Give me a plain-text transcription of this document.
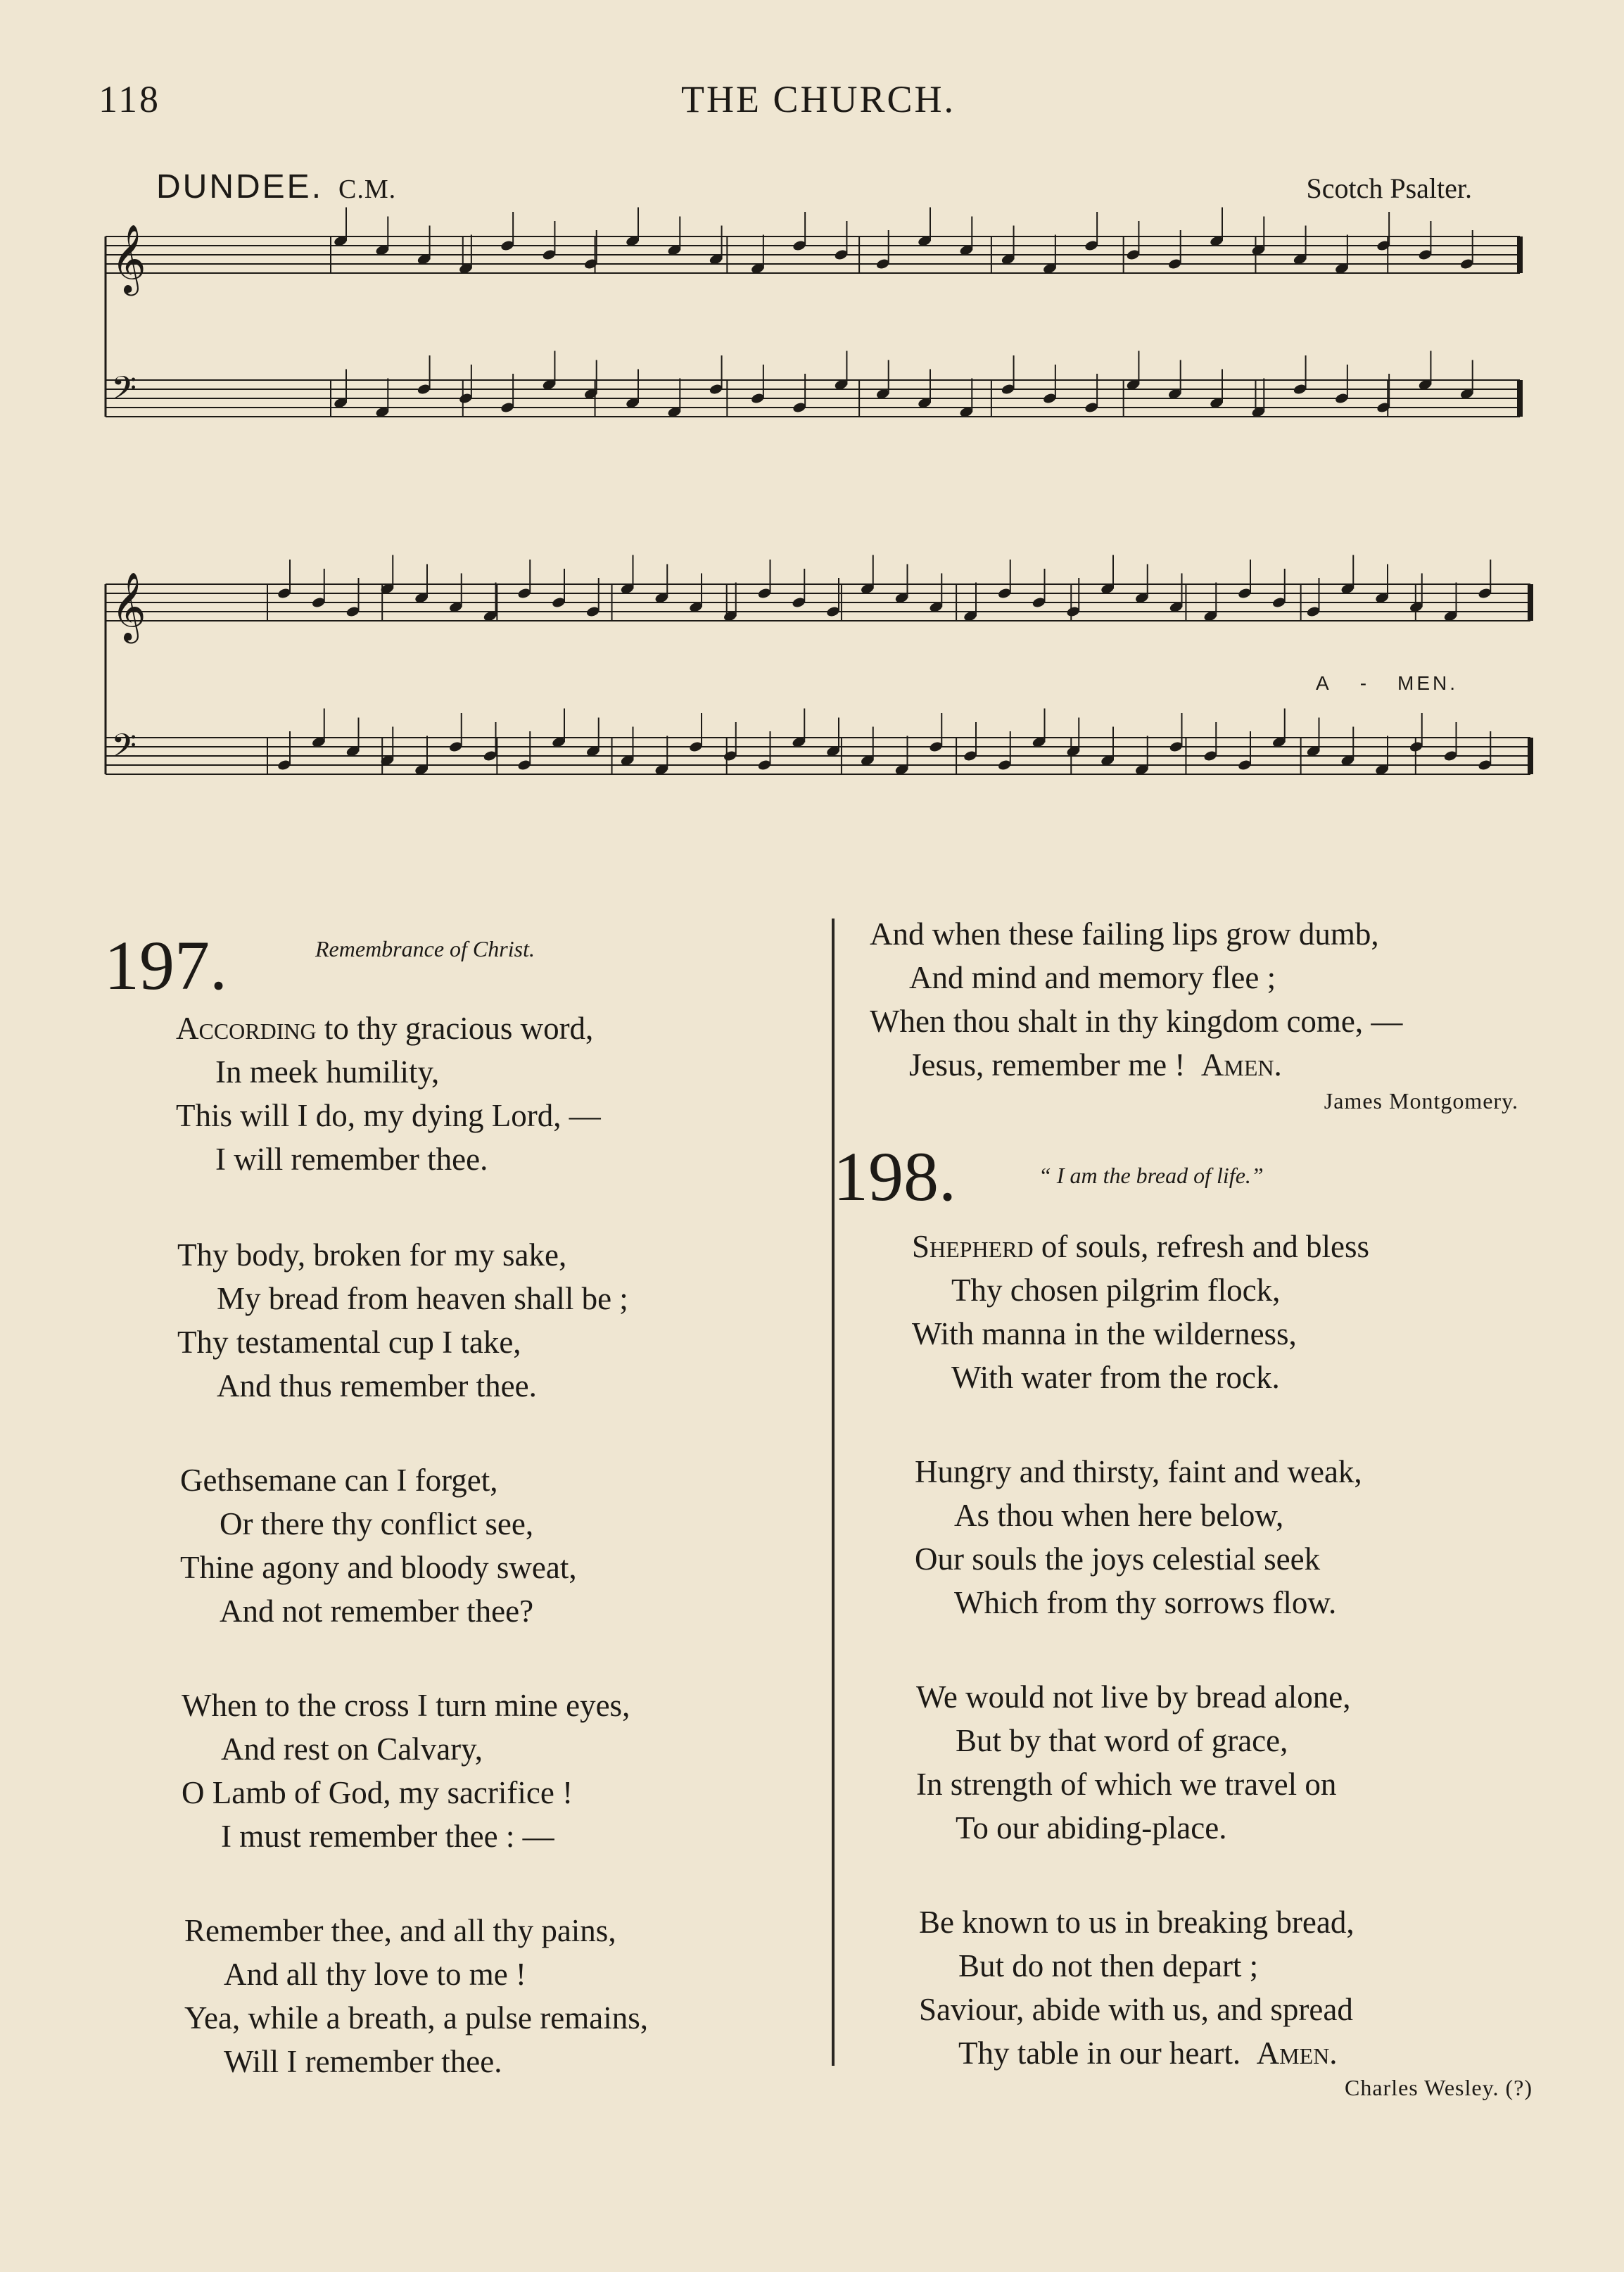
118	THE CHURCH.
DUNDEE. C.M.	Scotch Psalter.
𝄞
𝄢
𝄞
𝄢
A - MEN.
197.	Remembrance of Christ.
According to thy gracious word,
In meek humility,
This will I do, my dying Lord, —
I will remember thee.
Thy body, broken for my sake,
My bread from heaven shall be ;
Thy testamental cup I take,
And thus remember thee.
Gethsemane can I forget,
Or there thy conflict see,
Thine agony and bloody sweat,
And not remember thee?
When to the cross I turn mine eyes,
And rest on Calvary,
O Lamb of God, my sacrifice !
I must remember thee : —
Remember thee, and all thy pains,
And all thy love to me !
Yea, while a breath, a pulse remains,
Will I remember thee.
And when these failing lips grow dumb,
And mind and memory flee ;
When thou shalt in thy kingdom come, —
Jesus, remember me ! Amen.
James Montgomery.
198.	“ I am the bread of life.”
Shepherd of souls, refresh and bless
Thy chosen pilgrim flock,
With manna in the wilderness,
With water from the rock.
Hungry and thirsty, faint and weak,
As thou when here below,
Our souls the joys celestial seek
Which from thy sorrows flow.
We would not live by bread alone,
But by that word of grace,
In strength of which we travel on
To our abiding-place.
Be known to us in breaking bread,
But do not then depart ;
Saviour, abide with us, and spread
Thy table in our heart. Amen.
Charles Wesley. (?)
